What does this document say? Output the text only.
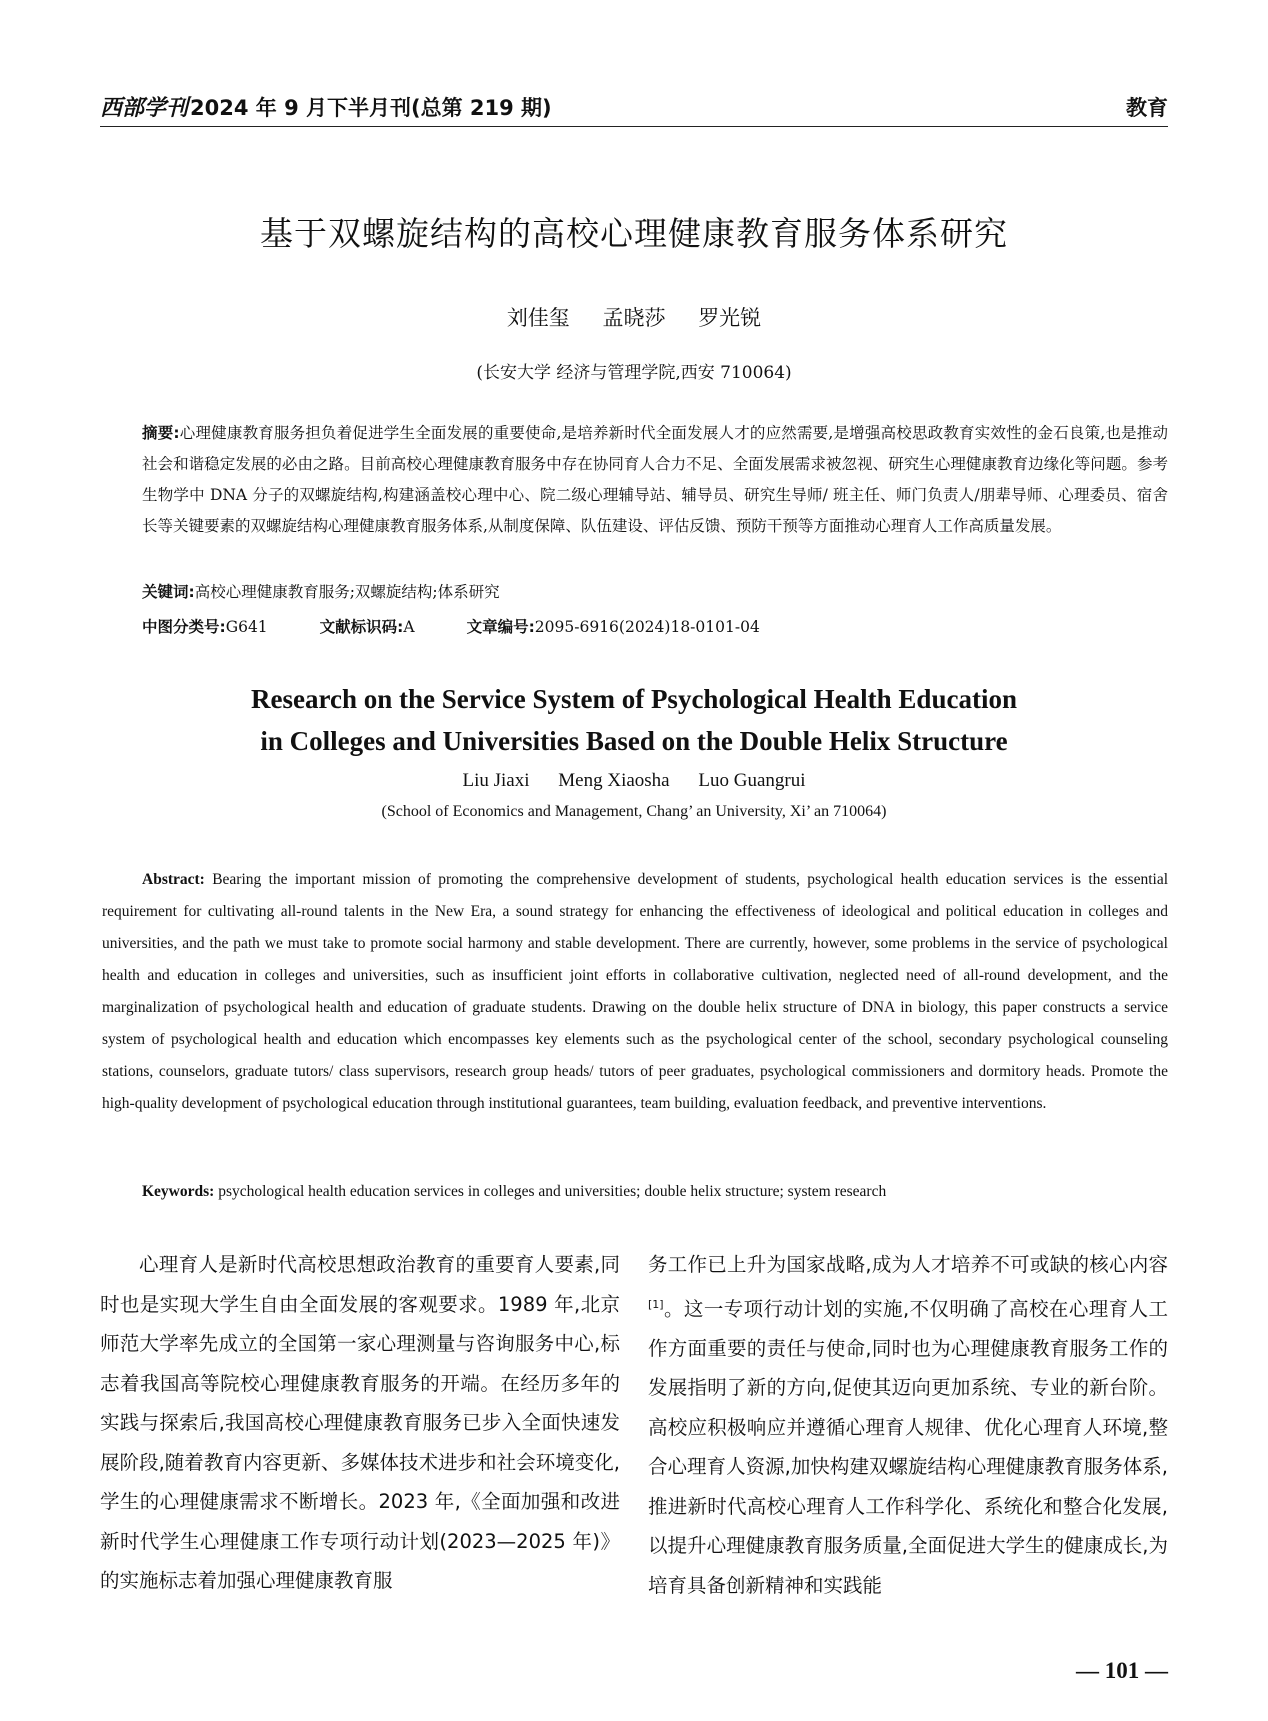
西部学刊 2024 年 9 月下半月刊(总第 219 期)	教育
基于双螺旋结构的高校心理健康教育服务体系研究
刘佳玺 孟晓莎 罗光锐
(长安大学 经济与管理学院,西安 710064)
摘要:心理健康教育服务担负着促进学生全面发展的重要使命,是培养新时代全面发展人才的应然需要,是增强高校思政教育实效性的金石良策,也是推动社会和谐稳定发展的必由之路。目前高校心理健康教育服务中存在协同育人合力不足、全面发展需求被忽视、研究生心理健康教育边缘化等问题。参考生物学中 DNA 分子的双螺旋结构,构建涵盖校心理中心、院二级心理辅导站、辅导员、研究生导师/ 班主任、师门负责人/朋辈导师、心理委员、宿舍长等关键要素的双螺旋结构心理健康教育服务体系,从制度保障、队伍建设、评估反馈、预防干预等方面推动心理育人工作高质量发展。
关键词:高校心理健康教育服务;双螺旋结构;体系研究
中图分类号:G641	文献标识码:A	文章编号:2095-6916(2024)18-0101-04
Research on the Service System of Psychological Health Education
in Colleges and Universities Based on the Double Helix Structure
Liu Jiaxi Meng Xiaosha Luo Guangrui
(School of Economics and Management, Chang’ an University, Xi’ an 710064)
Abstract: Bearing the important mission of promoting the comprehensive development of students, psychological health education services is the essential requirement for cultivating all-round talents in the New Era, a sound strategy for enhancing the effectiveness of ideological and political education in colleges and universities, and the path we must take to promote social harmony and stable development. There are currently, however, some problems in the service of psychological health and education in colleges and universities, such as insufficient joint efforts in collaborative cultivation, neglected need of all-round development, and the marginalization of psychological health and education of graduate students. Drawing on the double helix structure of DNA in biology, this paper constructs a service system of psychological health and education which encompasses key elements such as the psychological center of the school, secondary psychological counseling stations, counselors, graduate tutors/ class supervisors, research group heads/ tutors of peer graduates, psychological commissioners and dormitory heads. Promote the high-quality development of psychological education through institutional guarantees, team building, evaluation feedback, and preventive interventions.
Keywords: psychological health education services in colleges and universities; double helix structure; system research
心理育人是新时代高校思想政治教育的重要育人要素,同时也是实现大学生自由全面发展的客观要求。1989 年,北京师范大学率先成立的全国第一家心理测量与咨询服务中心,标志着我国高等院校心理健康教育服务的开端。在经历多年的实践与探索后,我国高校心理健康教育服务已步入全面快速发展阶段,随着教育内容更新、多媒体技术进步和社会环境变化,学生的心理健康需求不断增长。2023 年,《全面加强和改进新时代学生心理健康工作专项行动计划(2023—2025 年)》的实施标志着加强心理健康教育服
务工作已上升为国家战略,成为人才培养不可或缺的核心内容[1]。这一专项行动计划的实施,不仅明确了高校在心理育人工作方面重要的责任与使命,同时也为心理健康教育服务工作的发展指明了新的方向,促使其迈向更加系统、专业的新台阶。高校应积极响应并遵循心理育人规律、优化心理育人环境,整合心理育人资源,加快构建双螺旋结构心理健康教育服务体系,推进新时代高校心理育人工作科学化、系统化和整合化发展,以提升心理健康教育服务质量,全面促进大学生的健康成长,为培育具备创新精神和实践能
— 101 —
